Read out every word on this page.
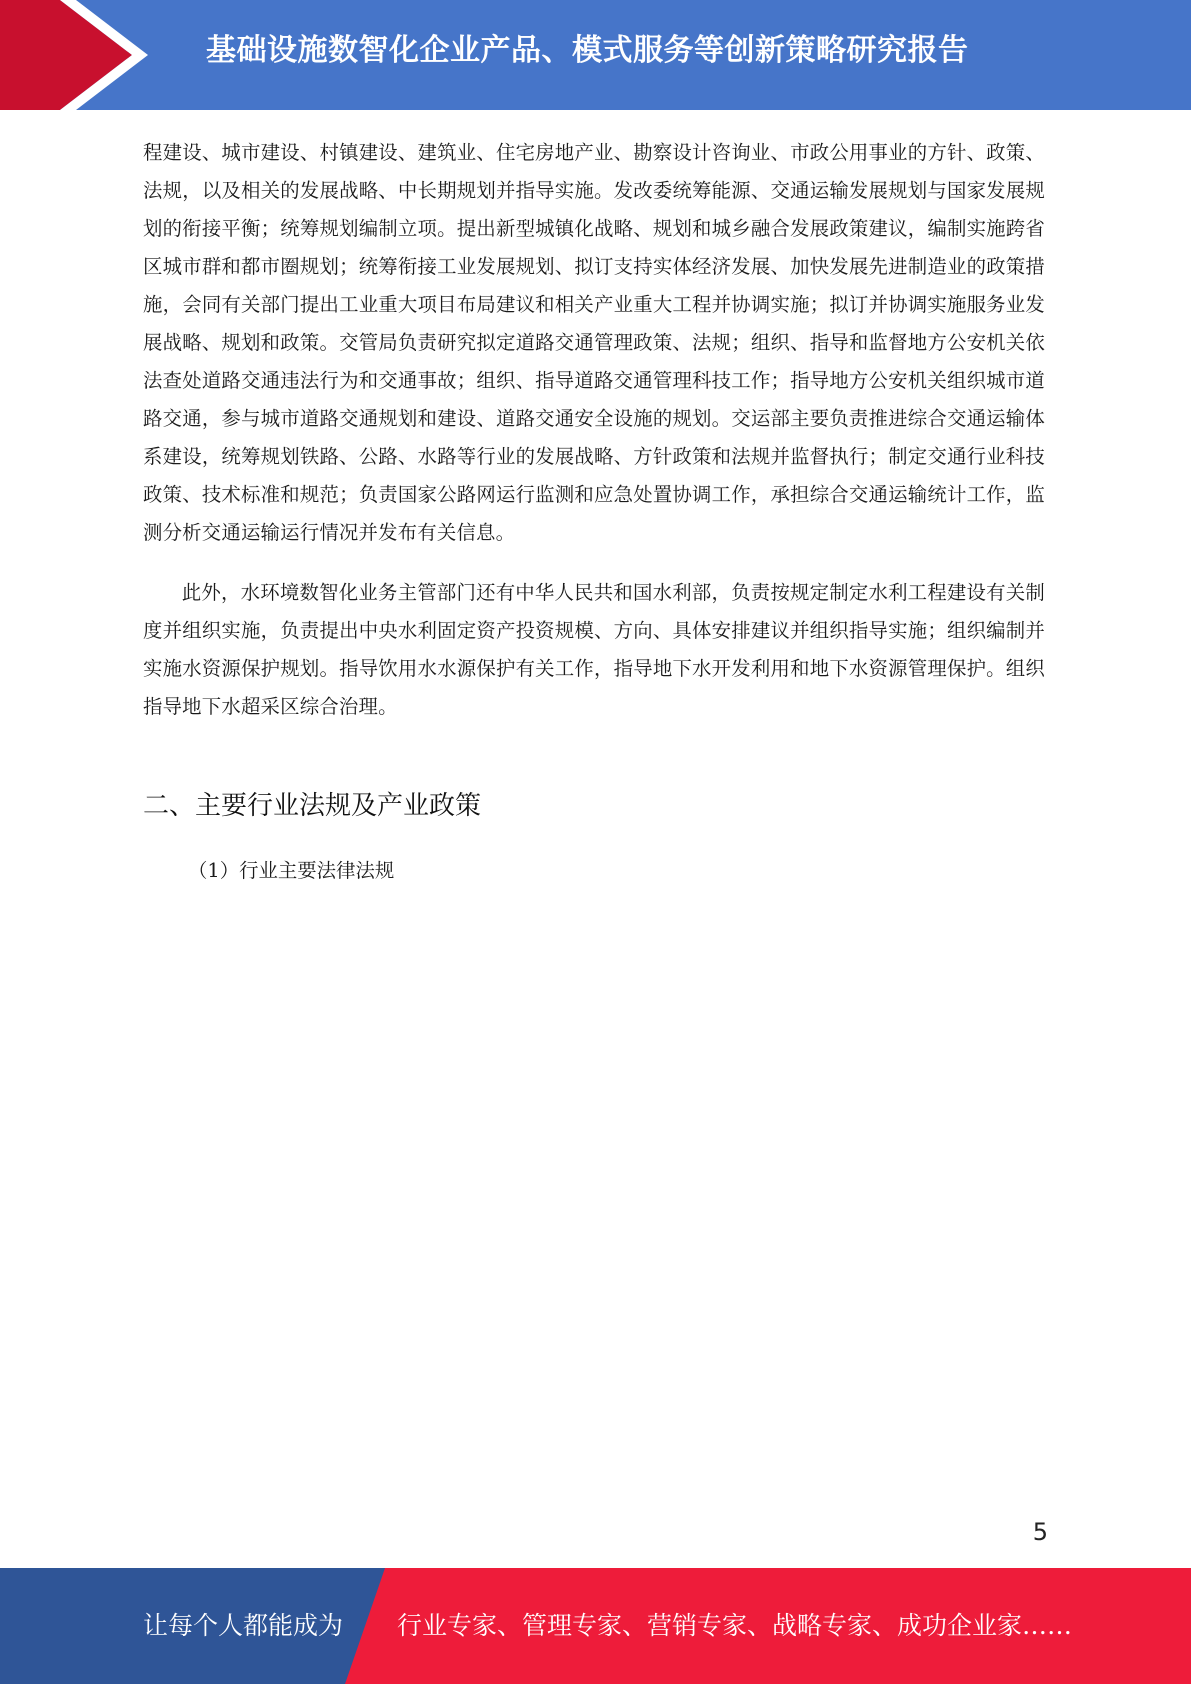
基础设施数智化企业产品、模式服务等创新策略研究报告

程建设、城市建设、村镇建设、建筑业、住宅房地产业、勘察设计咨询业、市政公用事业的方针、政策、法规，以及相关的发展战略、中长期规划并指导实施。发改委统筹能源、交通运输发展规划与国家发展规划的衔接平衡；统筹规划编制立项。提出新型城镇化战略、规划和城乡融合发展政策建议，编制实施跨省区城市群和都市圈规划；统筹衔接工业发展规划、拟订支持实体经济发展、加快发展先进制造业的政策措施，会同有关部门提出工业重大项目布局建议和相关产业重大工程并协调实施；拟订并协调实施服务业发展战略、规划和政策。交管局负责研究拟定道路交通管理政策、法规；组织、指导和监督地方公安机关依法查处道路交通违法行为和交通事故；组织、指导道路交通管理科技工作；指导地方公安机关组织城市道路交通，参与城市道路交通规划和建设、道路交通安全设施的规划。交运部主要负责推进综合交通运输体系建设，统筹规划铁路、公路、水路等行业的发展战略、方针政策和法规并监督执行；制定交通行业科技政策、技术标准和规范；负责国家公路网运行监测和应急处置协调工作，承担综合交通运输统计工作，监测分析交通运输运行情况并发布有关信息。

此外，水环境数智化业务主管部门还有中华人民共和国水利部，负责按规定制定水利工程建设有关制度并组织实施，负责提出中央水利固定资产投资规模、方向、具体安排建议并组织指导实施；组织编制并实施水资源保护规划。指导饮用水水源保护有关工作，指导地下水开发利用和地下水资源管理保护。组织指导地下水超采区综合治理。

二、主要行业法规及产业政策

（1）行业主要法律法规

5
让每个人都能成为 行业专家、管理专家、营销专家、战略专家、成功企业家……
